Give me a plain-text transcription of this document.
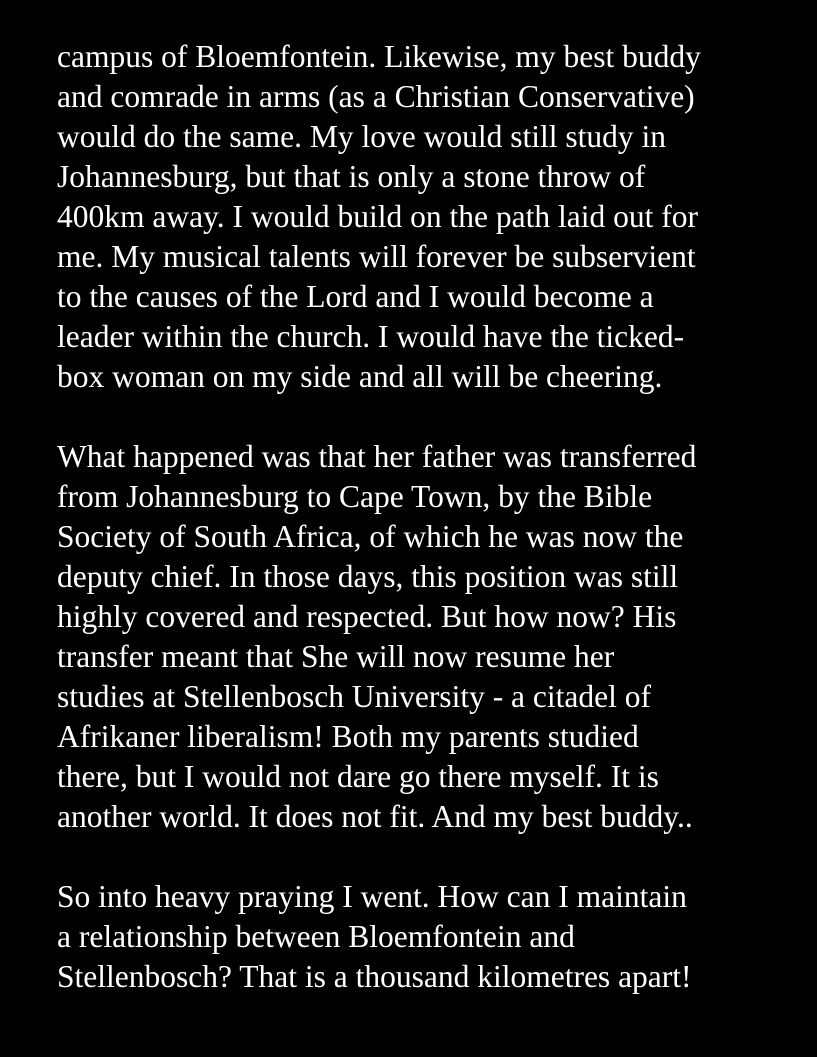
campus of Bloemfontein. Likewise, my best buddy
and comrade in arms (as a Christian Conservative)
would do the same. My love would still study in
Johannesburg, but that is only a stone throw of
400km away. I would build on the path laid out for
me. My musical talents will forever be subservient
to the causes of the Lord and I would become a
leader within the church. I would have the ticked-
box woman on my side and all will be cheering.
What happened was that her father was transferred
from Johannesburg to Cape Town, by the Bible
Society of South Africa, of which he was now the
deputy chief. In those days, this position was still
highly covered and respected. But how now? His
transfer meant that She will now resume her
studies at Stellenbosch University - a citadel of
Afrikaner liberalism! Both my parents studied
there, but I would not dare go there myself. It is
another world. It does not fit. And my best buddy..
So into heavy praying I went. How can I maintain
a relationship between Bloemfontein and
Stellenbosch? That is a thousand kilometres apart!
